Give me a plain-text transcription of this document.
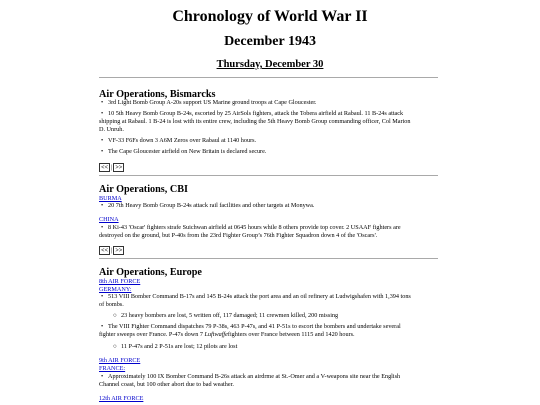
Chronology of World War II
December 1943
Thursday, December 30
Air Operations, Bismarcks
• 3rd Light Bomb Group A-20s support US Marine ground troops at Cape Gloucester.
• 10 5th Heavy Bomb Group B-24s, escorted by 25 AirSols fighters, attack the Tobera airfield at Rabaul. 11 B-24s attack
shipping at Rabaul. 1 B-24 is lost with its entire crew, including the 5th Heavy Bomb Group commanding officer, Col Marion
D. Unruh.
• VF-33 F6Fs down 3 A6M Zeros over Rabaul at 1140 hours.
• The Cape Gloucester airfield on New Britain is declared secure.
<< | >>
Air Operations, CBI
BURMA
• 20 7th Heavy Bomb Group B-24s attack rail facilities and other targets at Monywa.
CHINA
• 8 Ki-43 'Oscar' fighters strafe Suichwan airfield at 0645 hours while 8 others provide top cover. 2 USAAF fighters are
destroyed on the ground, but P-40s from the 23rd Fighter Group’s 76th Fighter Squadron down 4 of the 'Oscars'.
<< | >>
Air Operations, Europe
8th AIR FORCE
GERMANY:
• 513 VIII Bomber Command B-17s and 145 B-24s attack the port area and an oil refinery at Ludwigshafen with 1,394 tons
of bombs.
○ 23 heavy bombers are lost, 5 written off, 117 damaged; 11 crewmen killed, 200 missing
• The VIII Fighter Command dispatches 79 P-38s, 463 P-47s, and 41 P-51s to escort the bombers and undertake several
fighter sweeps over France. P-47s down 7 Luftwaffefighters over France between 1115 and 1420 hours.
○ 11 P-47s and 2 P-51s are lost; 12 pilots are lost
9th AIR FORCE
FRANCE:
• Approximately 100 IX Bomber Command B-26s attack an airdrme at St.-Omer and a V-weapons site near the English
Channel coast, but 100 other abort due to bad weather.
12th AIR FORCE
